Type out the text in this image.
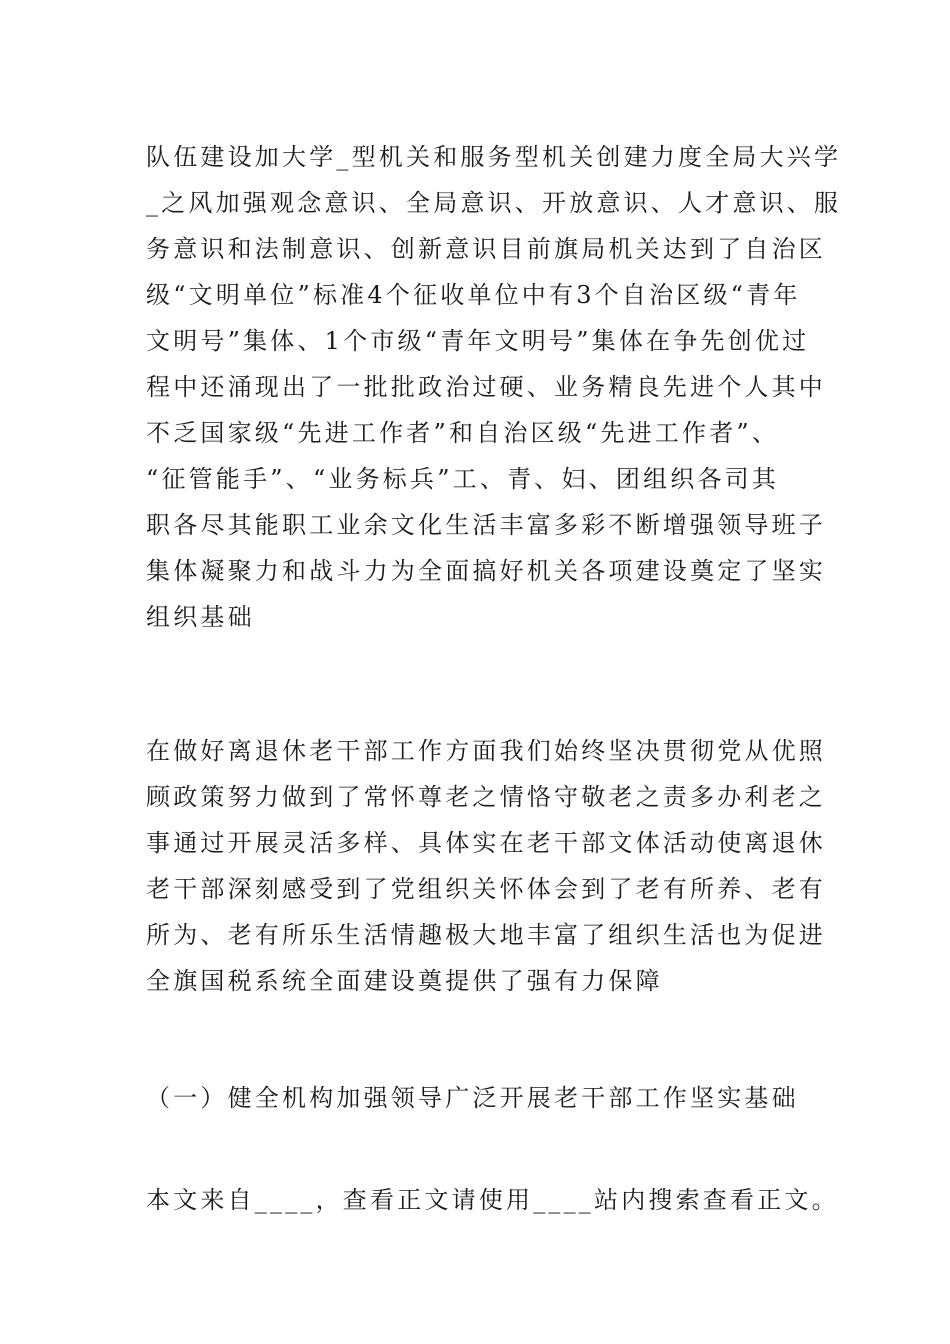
队伍建设加大学_型机关和服务型机关创建力度全局大兴学
_之风加强观念意识、全局意识、开放意识、人才意识、服
务意识和法制意识、创新意识目前旗局机关达到了自治区
级“文明单位”标准4个征收单位中有3个自治区级“青年
文明号”集体、1个市级“青年文明号”集体在争先创优过
程中还涌现出了一批批政治过硬、业务精良先进个人其中
不乏国家级“先进工作者”和自治区级“先进工作者”、
“征管能手”、“业务标兵”工、青、妇、团组织各司其
职各尽其能职工业余文化生活丰富多彩不断增强领导班子
集体凝聚力和战斗力为全面搞好机关各项建设奠定了坚实
组织基础

在做好离退休老干部工作方面我们始终坚决贯彻党从优照
顾政策努力做到了常怀尊老之情恪守敬老之责多办利老之
事通过开展灵活多样、具体实在老干部文体活动使离退休
老干部深刻感受到了党组织关怀体会到了老有所养、老有
所为、老有所乐生活情趣极大地丰富了组织生活也为促进
全旗国税系统全面建设奠提供了强有力保障

（一）健全机构加强领导广泛开展老干部工作坚实基础

本文来自____，查看正文请使用____站内搜索查看正文。
